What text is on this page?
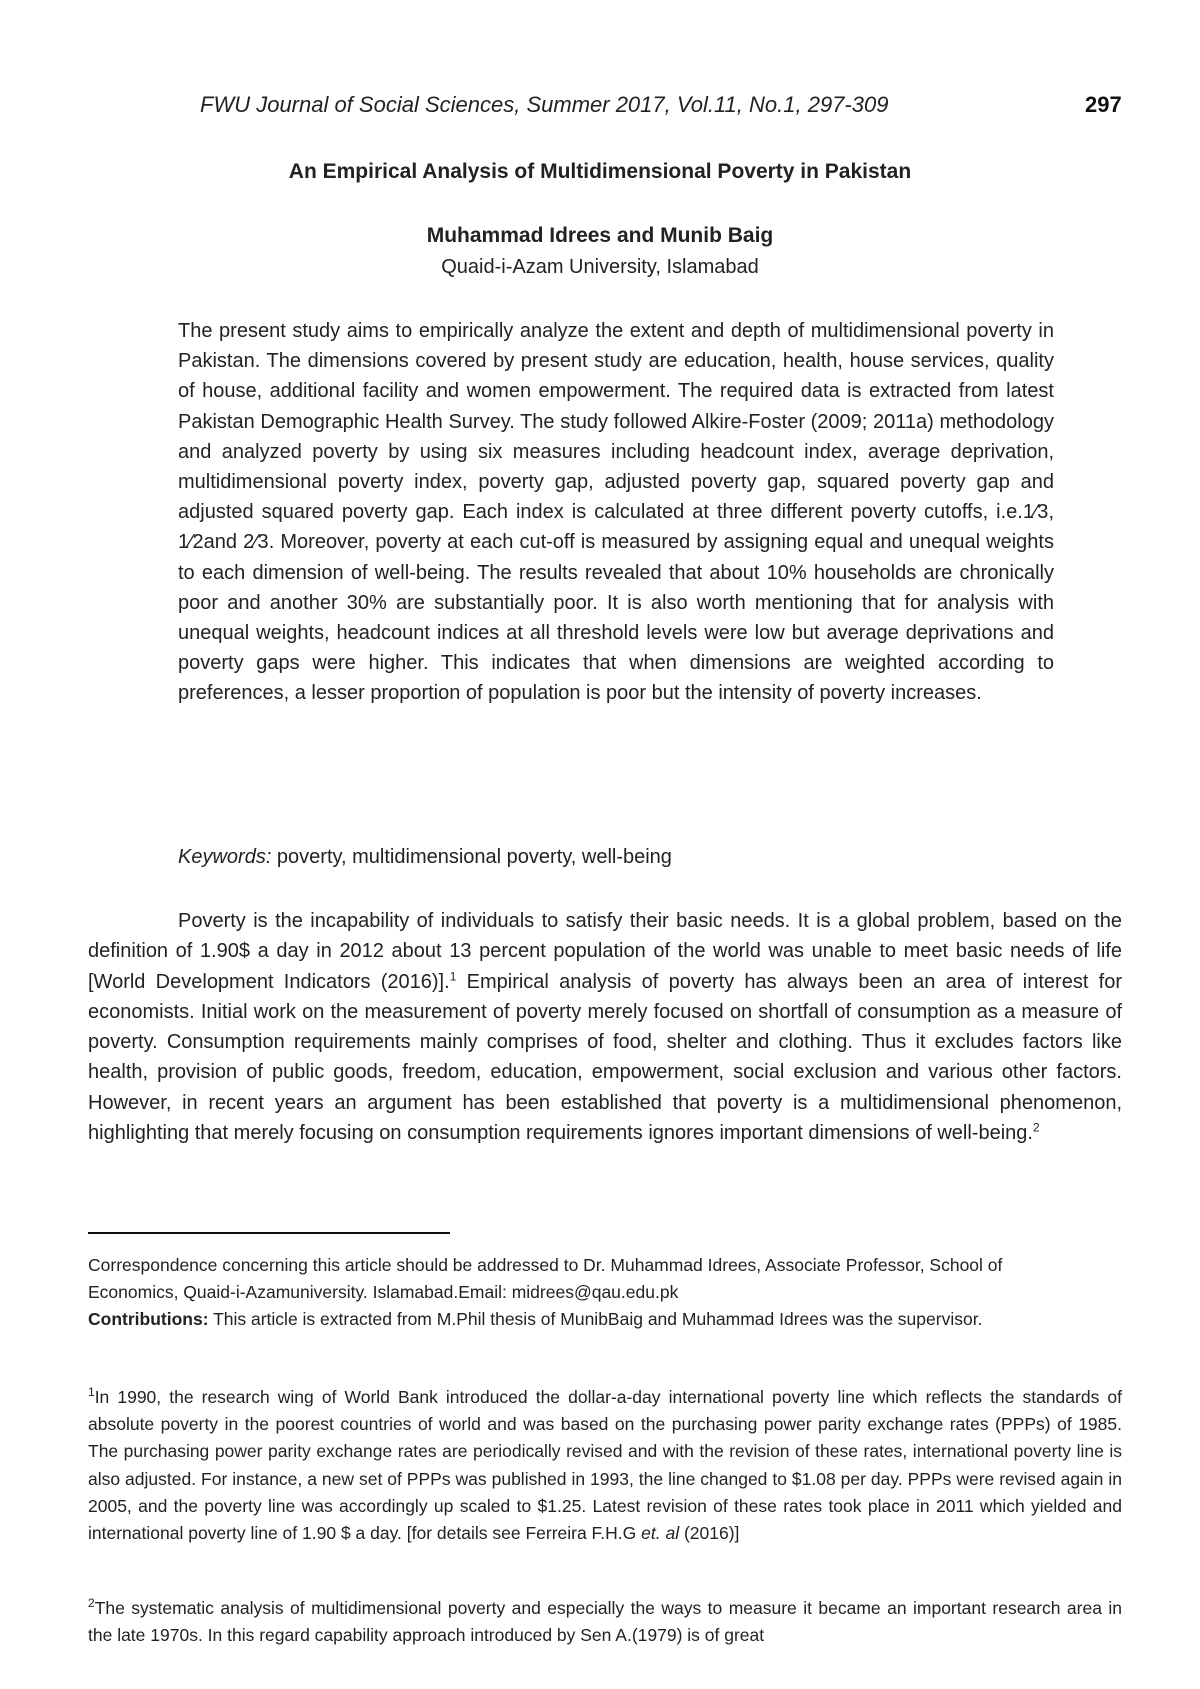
FWU Journal of Social Sciences, Summer 2017, Vol.11, No.1, 297-309	297
An Empirical Analysis of Multidimensional Poverty in Pakistan
Muhammad Idrees and Munib Baig
Quaid-i-Azam University, Islamabad

The present study aims to empirically analyze the extent and depth of multidimensional poverty in Pakistan. The dimensions covered by present study are education, health, house services, quality of house, additional facility and women empowerment. The required data is extracted from latest Pakistan Demographic Health Survey. The study followed Alkire-Foster (2009; 2011a) methodology and analyzed poverty by using six measures including headcount index, average deprivation, multidimensional poverty index, poverty gap, adjusted poverty gap, squared poverty gap and adjusted squared poverty gap. Each index is calculated at three different poverty cutoffs, i.e.1⁄3, 1⁄2and 2⁄3. Moreover, poverty at each cut-off is measured by assigning equal and unequal weights to each dimension of well-being. The results revealed that about 10% households are chronically poor and another 30% are substantially poor. It is also worth mentioning that for analysis with unequal weights, headcount indices at all threshold levels were low but average deprivations and poverty gaps were higher. This indicates that when dimensions are weighted according to preferences, a lesser proportion of population is poor but the intensity of poverty increases.

Keywords: poverty, multidimensional poverty, well-being

Poverty is the incapability of individuals to satisfy their basic needs. It is a global problem, based on the definition of 1.90$ a day in 2012 about 13 percent population of the world was unable to meet basic needs of life [World Development Indicators (2016)].$^1$ Empirical analysis of poverty has always been an area of interest for economists. Initial work on the measurement of poverty merely focused on shortfall of consumption as a measure of poverty. Consumption requirements mainly comprises of food, shelter and clothing. Thus it excludes factors like health, provision of public goods, freedom, education, empowerment, social exclusion and various other factors. However, in recent years an argument has been established that poverty is a multidimensional phenomenon, highlighting that merely focusing on consumption requirements ignores important dimensions of well-being.$^2$

Correspondence concerning this article should be addressed to Dr. Muhammad Idrees, Associate Professor, School of Economics, Quaid-i-Azamuniversity. Islamabad.Email: midrees@qau.edu.pk
Contributions: This article is extracted from M.Phil thesis of MunibBaig and Muhammad Idrees was the supervisor.

$^1$In 1990, the research wing of World Bank introduced the dollar-a-day international poverty line which reflects the standards of absolute poverty in the poorest countries of world and was based on the purchasing power parity exchange rates (PPPs) of 1985. The purchasing power parity exchange rates are periodically revised and with the revision of these rates, international poverty line is also adjusted. For instance, a new set of PPPs was published in 1993, the line changed to $1.08 per day. PPPs were revised again in 2005, and the poverty line was accordingly up scaled to $1.25. Latest revision of these rates took place in 2011 which yielded and international poverty line of 1.90 $ a day. [for details see Ferreira F.H.G et. al (2016)]

$^2$The systematic analysis of multidimensional poverty and especially the ways to measure it became an important research area in the late 1970s. In this regard capability approach introduced by Sen A.(1979) is of great
